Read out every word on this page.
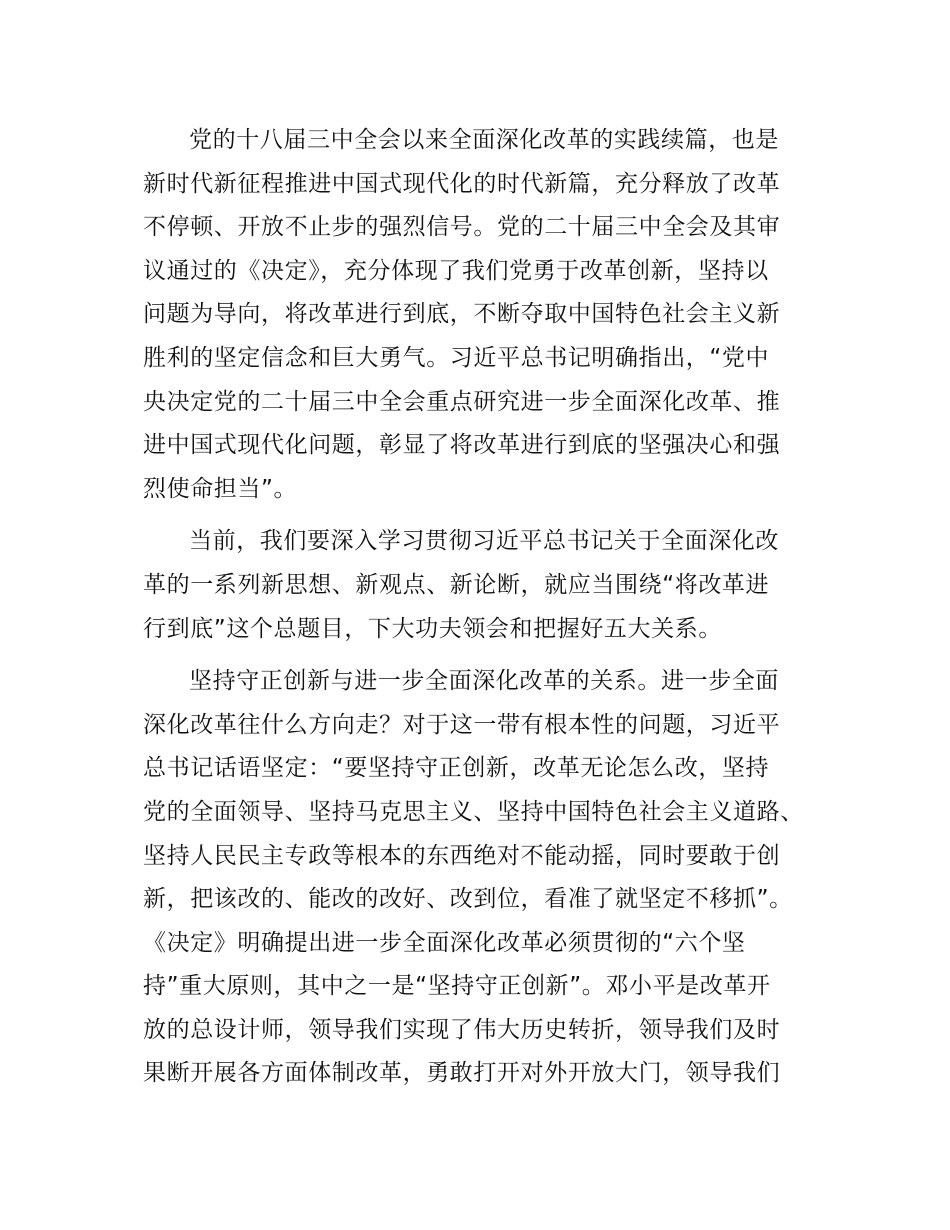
党的十八届三中全会以来全面深化改革的实践续篇，也是
新时代新征程推进中国式现代化的时代新篇，充分释放了改革
不停顿、开放不止步的强烈信号。党的二十届三中全会及其审
议通过的《决定》，充分体现了我们党勇于改革创新，坚持以
问题为导向，将改革进行到底，不断夺取中国特色社会主义新
胜利的坚定信念和巨大勇气。习近平总书记明确指出，“党中
央决定党的二十届三中全会重点研究进一步全面深化改革、推
进中国式现代化问题，彰显了将改革进行到底的坚强决心和强
烈使命担当”。
当前，我们要深入学习贯彻习近平总书记关于全面深化改
革的一系列新思想、新观点、新论断，就应当围绕“将改革进
行到底”这个总题目，下大功夫领会和把握好五大关系。
坚持守正创新与进一步全面深化改革的关系。进一步全面
深化改革往什么方向走？对于这一带有根本性的问题，习近平
总书记话语坚定：“要坚持守正创新，改革无论怎么改，坚持
党的全面领导、坚持马克思主义、坚持中国特色社会主义道路、
坚持人民民主专政等根本的东西绝对不能动摇，同时要敢于创
新，把该改的、能改的改好、改到位，看准了就坚定不移抓”。
《决定》明确提出进一步全面深化改革必须贯彻的“六个坚
持”重大原则，其中之一是“坚持守正创新”。邓小平是改革开
放的总设计师，领导我们实现了伟大历史转折，领导我们及时
果断开展各方面体制改革，勇敢打开对外开放大门，领导我们
